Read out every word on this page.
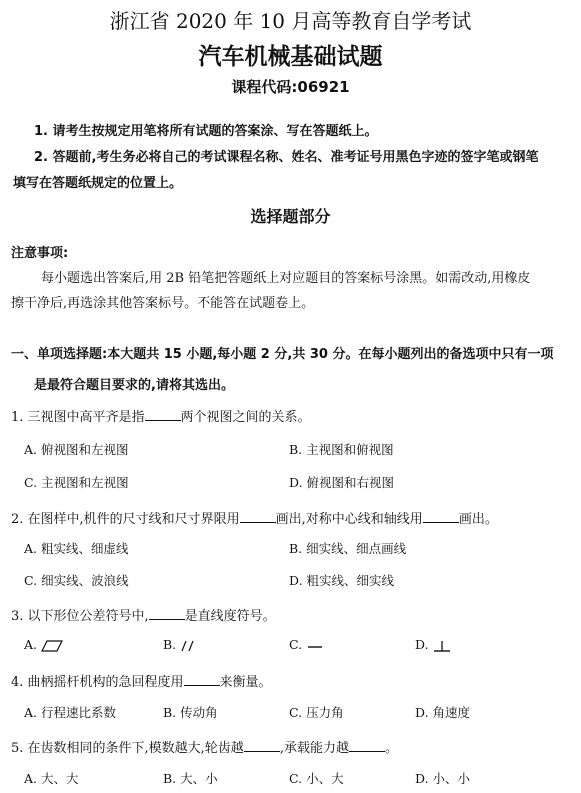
浙江省 2020 年 10 月高等教育自学考试
汽车机械基础试题
课程代码:06921
1. 请考生按规定用笔将所有试题的答案涂、写在答题纸上。
2. 答题前,考生务必将自己的考试课程名称、姓名、准考证号用黑色字迹的签字笔或钢笔
填写在答题纸规定的位置上。
选择题部分
注意事项:
每小题选出答案后,用 2B 铅笔把答题纸上对应题目的答案标号涂黑。如需改动,用橡皮
擦干净后,再选涂其他答案标号。不能答在试题卷上。
一、单项选择题:本大题共 15 小题,每小题 2 分,共 30 分。在每小题列出的备选项中只有一项
是最符合题目要求的,请将其选出。
1. 三视图中高平齐是指	两个视图之间的关系。
A. 俯视图和左视图	B. 主视图和俯视图
C. 主视图和左视图	D. 俯视图和右视图
2. 在图样中,机件的尺寸线和尺寸界限用	画出,对称中心线和轴线用	画出。
A. 粗实线、细虚线	B. 细实线、细点画线
C. 细实线、波浪线	D. 粗实线、细实线
3. 以下形位公差符号中,	是直线度符号。
A.	B.	C.	D.
4. 曲柄摇杆机构的急回程度用	来衡量。
A. 行程速比系数	B. 传动角	C. 压力角	D. 角速度
5. 在齿数相同的条件下,模数越大,轮齿越	,承载能力越	。
A. 大、大	B. 大、小	C. 小、大	D. 小、小
